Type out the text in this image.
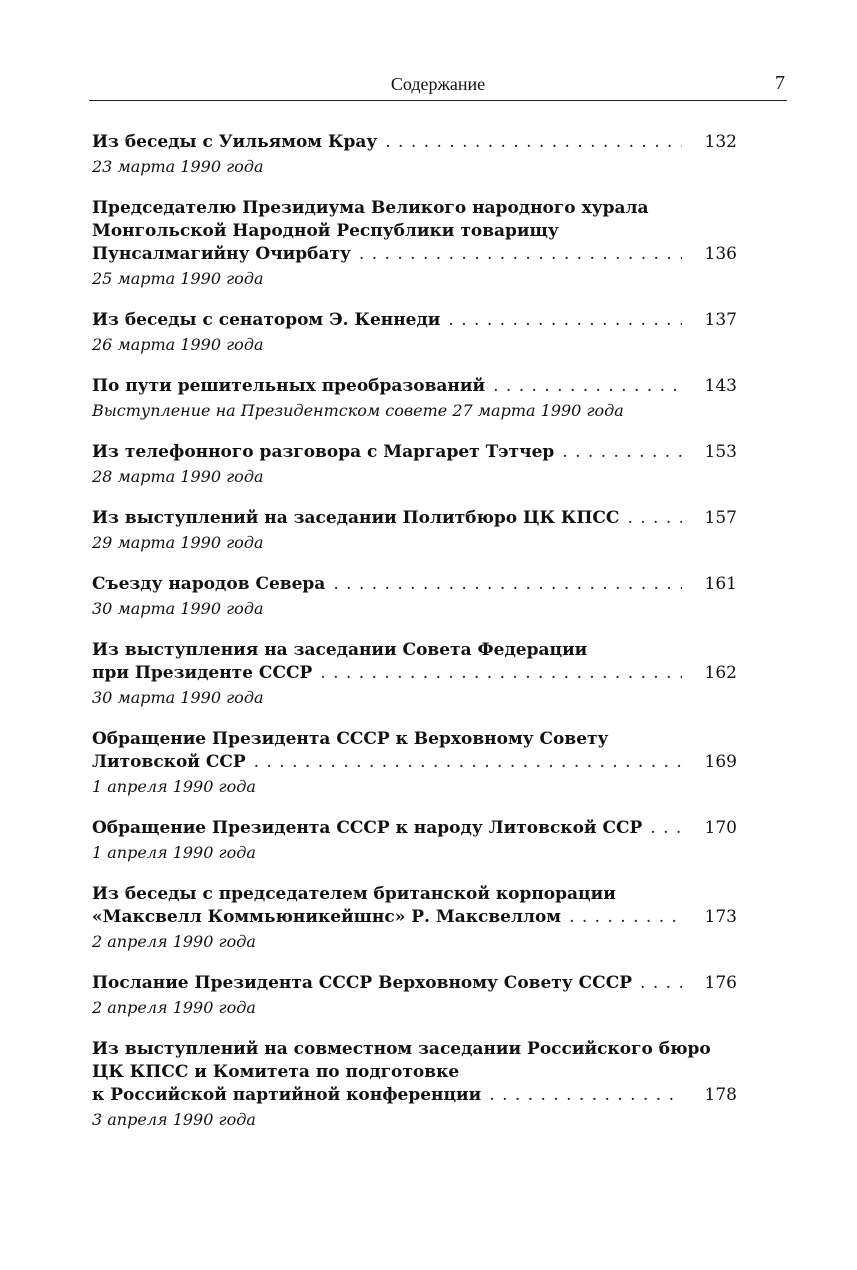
Содержание	7
Из беседы с Уильямом Крау . . .	132
23 марта 1990 года
Председателю Президиума Великого народного хурала
Монгольской Народной Республики товарищу
Пунсалмагийну Очирбату . . .	136
25 марта 1990 года
Из беседы с сенатором Э. Кеннеди . . .	137
26 марта 1990 года
По пути решительных преобразований . . .	143
Выступление на Президентском совете 27 марта 1990 года
Из телефонного разговора с Маргарет Тэтчер . . .	153
28 марта 1990 года
Из выступлений на заседании Политбюро ЦК КПСС . . .	157
29 марта 1990 года
Съезду народов Севера . . .	161
30 марта 1990 года
Из выступления на заседании Совета Федерации
при Президенте СССР . . .	162
30 марта 1990 года
Обращение Президента СССР к Верховному Совету
Литовской ССР . . .	169
1 апреля 1990 года
Обращение Президента СССР к народу Литовской ССР . . .	170
1 апреля 1990 года
Из беседы с председателем британской корпорации
«Максвелл Коммьюникейшнс» Р. Максвеллом . . .	173
2 апреля 1990 года
Послание Президента СССР Верховному Совету СССР . . .	176
2 апреля 1990 года
Из выступлений на совместном заседании Российского бюро
ЦК КПСС и Комитета по подготовке
к Российской партийной конференции . . .	178
3 апреля 1990 года
